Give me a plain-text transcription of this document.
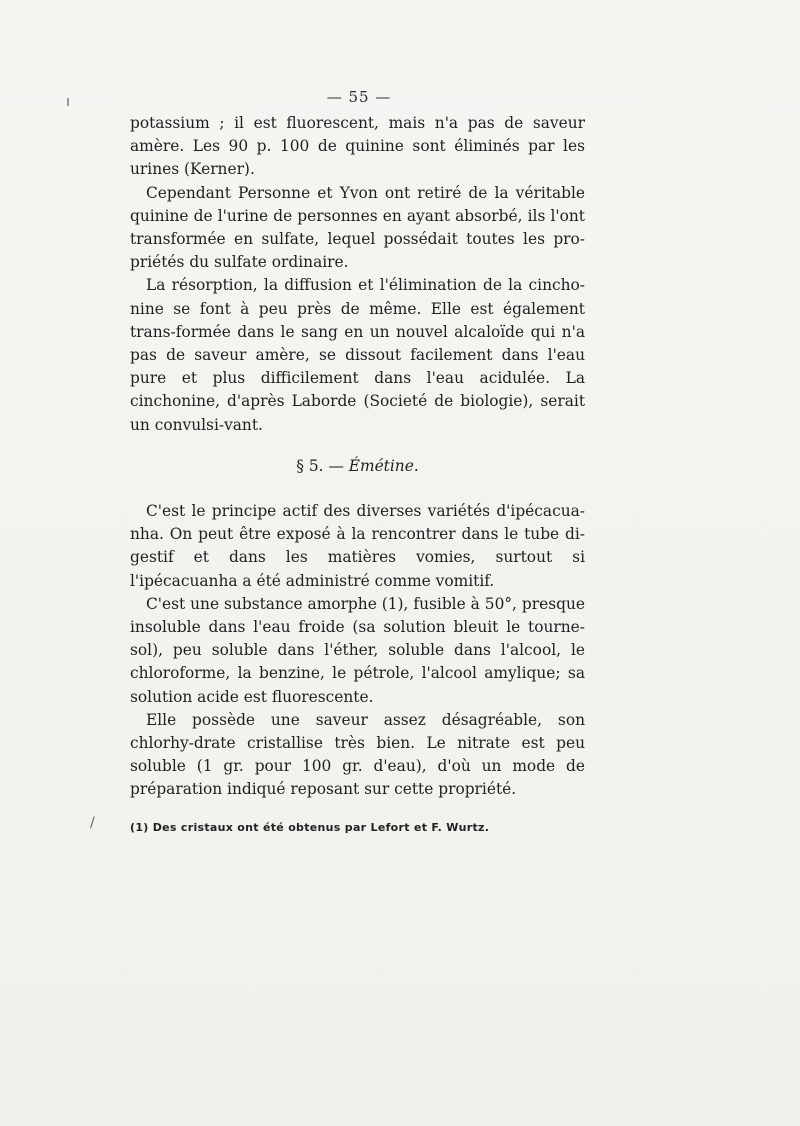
ı
/
— 55 —

potassium ; il est fluorescent, mais n'a pas de saveur amère. Les 90 p. 100 de quinine sont éliminés par les urines (Kerner).

Cependant Personne et Yvon ont retiré de la véritable quinine de l'urine de personnes en ayant absorbé, ils l'ont transformée en sulfate, lequel possédait toutes les pro-priétés du sulfate ordinaire.

La résorption, la diffusion et l'élimination de la cincho-nine se font à peu près de même. Elle est également trans-formée dans le sang en un nouvel alcaloïde qui n'a pas de saveur amère, se dissout facilement dans l'eau pure et plus difficilement dans l'eau acidulée. La cinchonine, d'après Laborde (Societé de biologie), serait un convulsi-vant.

§ 5. — Émétine.

C'est le principe actif des diverses variétés d'ipécacua-nha. On peut être exposé à la rencontrer dans le tube di-gestif et dans les matières vomies, surtout si l'ipécacuanha a été administré comme vomitif.

C'est une substance amorphe (1), fusible à 50°, presque insoluble dans l'eau froide (sa solution bleuit le tourne-sol), peu soluble dans l'éther, soluble dans l'alcool, le chloroforme, la benzine, le pétrole, l'alcool amylique; sa solution acide est fluorescente.

Elle possède une saveur assez désagréable, son chlorhy-drate cristallise très bien. Le nitrate est peu soluble (1 gr. pour 100 gr. d'eau), d'où un mode de préparation indiqué reposant sur cette propriété.

(1) Des cristaux ont été obtenus par Lefort et F. Wurtz.
